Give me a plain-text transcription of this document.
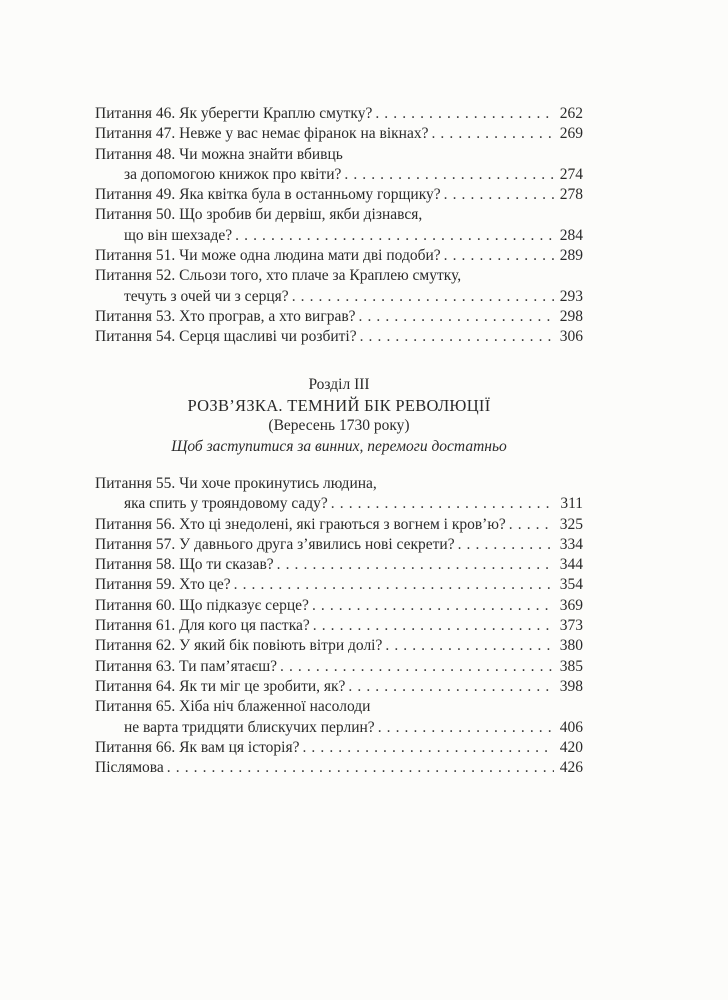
Питання 46. Як уберегти Краплю смутку? . . .	262
Питання 47. Невже у вас немає фіранок на вікнах? . . .	269
Питання 48. Чи можна знайти вбивць
за допомогою книжок про квіти? . . .	274
Питання 49. Яка квітка була в останньому горщику? . . .	278
Питання 50. Що зробив би дервіш, якби дізнався,
що він шехзаде? . . .	284
Питання 51. Чи може одна людина мати дві подоби? . . .	289
Питання 52. Сльози того, хто плаче за Краплею смутку,
течуть з очей чи з серця? . . .	293
Питання 53. Хто програв, а хто виграв? . . .	298
Питання 54. Серця щасливі чи розбиті? . . .	306
Розділ ІІІ
РОЗВ’ЯЗКА. ТЕМНИЙ БІК РЕВОЛЮЦІЇ
(Вересень 1730 року)
Щоб заступитися за винних, перемоги достатньо
Питання 55. Чи хоче прокинутись людина,
яка спить у трояндовому саду? . . .	311
Питання 56. Хто ці знедолені, які граються з вогнем і кров’ю? . . .	325
Питання 57. У давнього друга з’явились нові секрети? . . .	334
Питання 58. Що ти сказав? . . .	344
Питання 59. Хто це? . . .	354
Питання 60. Що підказує серце? . . .	369
Питання 61. Для кого ця пастка? . . .	373
Питання 62. У який бік повіють вітри долі? . . .	380
Питання 63. Ти пам’ятаєш? . . .	385
Питання 64. Як ти міг це зробити, як? . . .	398
Питання 65. Хіба ніч блаженної насолоди
не варта тридцяти блискучих перлин? . . .	406
Питання 66. Як вам ця історія? . . .	420
Післямова . . .	426
